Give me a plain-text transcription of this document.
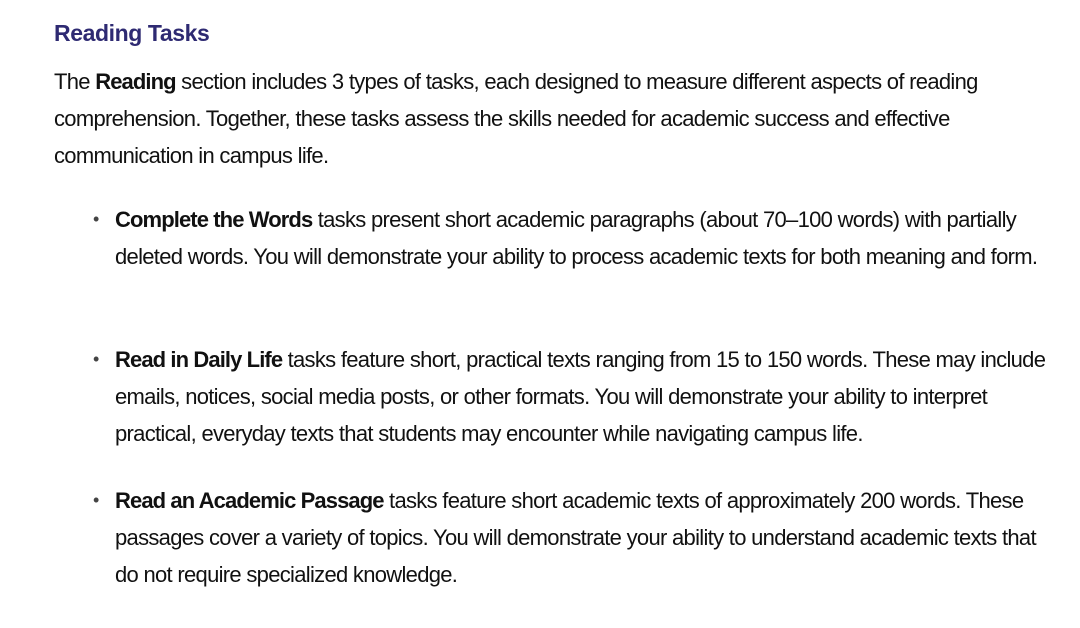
Reading Tasks

The Reading section includes 3 types of tasks, each designed to measure different aspects of reading comprehension. Together, these tasks assess the skills needed for academic success and effective communication in campus life.

• Complete the Words tasks present short academic paragraphs (about 70–100 words) with partially deleted words. You will demonstrate your ability to process academic texts for both meaning and form.
• Read in Daily Life tasks feature short, practical texts ranging from 15 to 150 words. These may include emails, notices, social media posts, or other formats. You will demonstrate your ability to interpret practical, everyday texts that students may encounter while navigating campus life.
• Read an Academic Passage tasks feature short academic texts of approximately 200 words. These passages cover a variety of topics. You will demonstrate your ability to understand academic texts that do not require specialized knowledge.
